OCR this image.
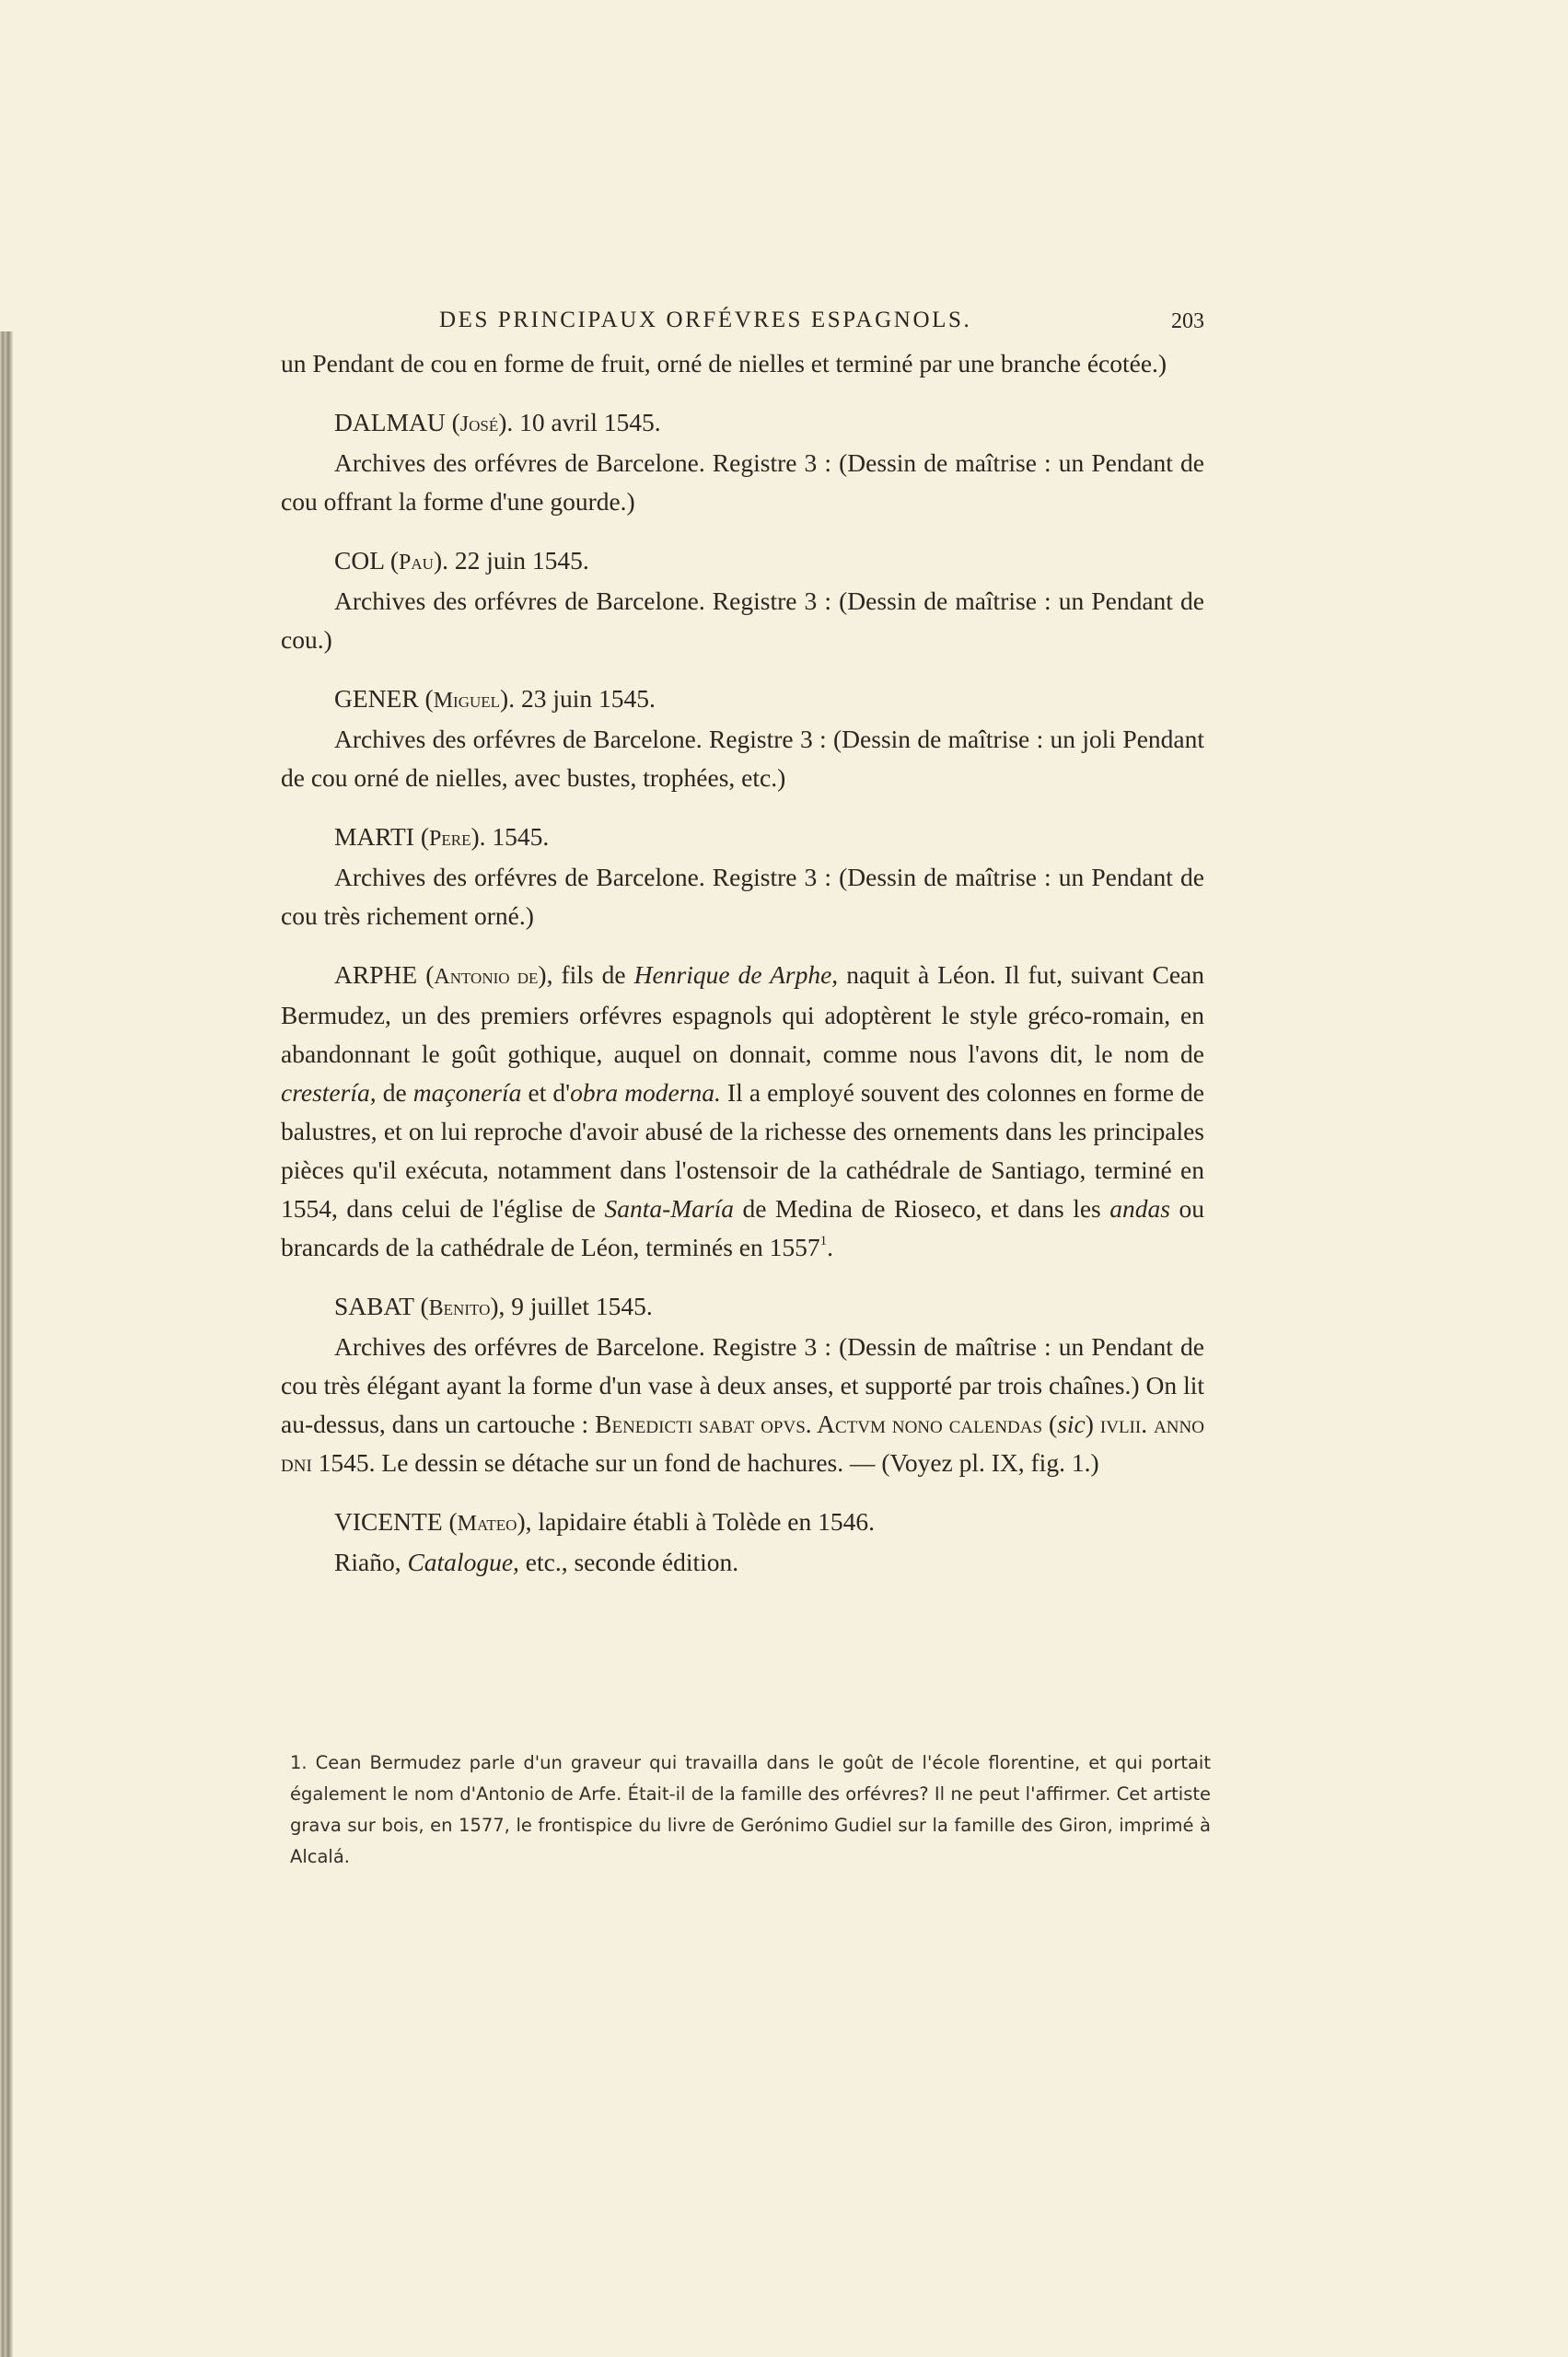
DES PRINCIPAUX ORFÉVRES ESPAGNOLS.	203

un Pendant de cou en forme de fruit, orné de nielles et terminé par une branche écotée.)

DALMAU (José). 10 avril 1545.

Archives des orfévres de Barcelone. Registre 3 : (Dessin de maîtrise : un Pendant de cou offrant la forme d'une gourde.)

COL (Pau). 22 juin 1545.

Archives des orfévres de Barcelone. Registre 3 : (Dessin de maîtrise : un Pendant de cou.)

GENER (Miguel). 23 juin 1545.

Archives des orfévres de Barcelone. Registre 3 : (Dessin de maîtrise : un joli Pendant de cou orné de nielles, avec bustes, trophées, etc.)

MARTI (Pere). 1545.

Archives des orfévres de Barcelone. Registre 3 : (Dessin de maîtrise : un Pendant de cou très richement orné.)

ARPHE (Antonio de), fils de Henrique de Arphe, naquit à Léon. Il fut, suivant Cean Bermudez, un des premiers orfévres espagnols qui adoptèrent le style gréco-romain, en abandonnant le goût gothique, auquel on donnait, comme nous l'avons dit, le nom de crestería, de maçonería et d'obra moderna. Il a employé souvent des colonnes en forme de balustres, et on lui reproche d'avoir abusé de la richesse des ornements dans les principales pièces qu'il exécuta, notamment dans l'ostensoir de la cathédrale de Santiago, terminé en 1554, dans celui de l'église de Santa-María de Medina de Rioseco, et dans les andas ou brancards de la cathédrale de Léon, terminés en 1557$^1$.

SABAT (Benito), 9 juillet 1545.

Archives des orfévres de Barcelone. Registre 3 : (Dessin de maîtrise : un Pendant de cou très élégant ayant la forme d'un vase à deux anses, et supporté par trois chaînes.) On lit au-dessus, dans un cartouche : Benedicti sabat opvs. Actvm nono calendas (sic) ivlii. anno dni 1545. Le dessin se détache sur un fond de hachures. — (Voyez pl. IX, fig. 1.)

VICENTE (Mateo), lapidaire établi à Tolède en 1546.

Riaño, Catalogue, etc., seconde édition.

1. Cean Bermudez parle d'un graveur qui travailla dans le goût de l'école florentine, et qui portait également le nom d'Antonio de Arfe. Était-il de la famille des orfévres? Il ne peut l'affirmer. Cet artiste grava sur bois, en 1577, le frontispice du livre de Gerónimo Gudiel sur la famille des Giron, imprimé à Alcalá.
